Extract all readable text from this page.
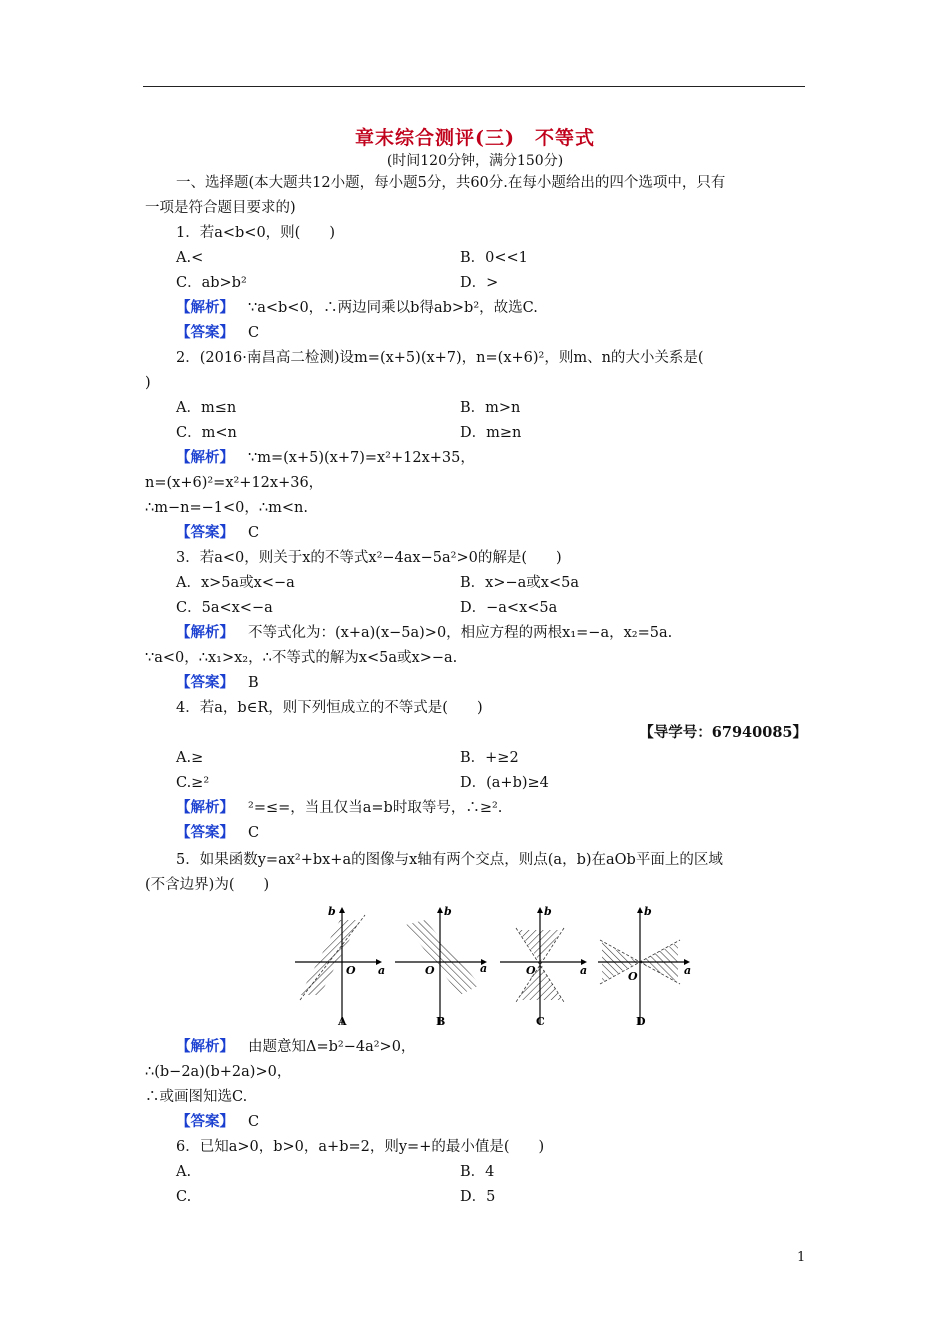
章末综合测评(三)　不等式
(时间120分钟，满分150分)
一、选择题(本大题共12小题，每小题5分，共60分.在每小题给出的四个选项中，只有
一项是符合题目要求的)
1．若a<b<0，则(　　)
A.<	B．0<<1
C．ab>b²	D．>
【解析】 ∵a<b<0，∴两边同乘以b得ab>b²，故选C.
【答案】 C
2．(2016·南昌高二检测)设m=(x+5)(x+7)，n=(x+6)²，则m、n的大小关系是(
)
A．m≤n	B．m>n
C．m<n	D．m≥n
【解析】 ∵m=(x+5)(x+7)=x²+12x+35，
n=(x+6)²=x²+12x+36，
∴m−n=−1<0，∴m<n.
【答案】 C
3．若a<0，则关于x的不等式x²−4ax−5a²>0的解是(　　)
A．x>5a或x<−a	B．x>−a或x<5a
C．5a<x<−a	D．−a<x<5a
【解析】 不等式化为：(x+a)(x−5a)>0，相应方程的两根x₁=−a，x₂=5a.
∵a<0，∴x₁>x₂，∴不等式的解为x<5a或x>−a.
【答案】 B
4．若a，b∈R，则下列恒成立的不等式是(　　)
【导学号：67940085】
A.≥	B．+≥2
C.≥²	D．(a+b)≥4
【解析】 ²=≤=，当且仅当a=b时取等号，∴≥².
【答案】 C
5．如果函数y=ax²+bx+a的图像与x轴有两个交点，则点(a，b)在aOb平面上的区域
(不含边界)为(　　)
O a
b
A
O	a
b
B
O	a
b
C
O	a
b
D
【解析】 由题意知Δ=b²−4a²>0，
∴(b−2a)(b+2a)>0，
∴或画图知选C.
【答案】 C
6．已知a>0，b>0，a+b=2，则y=+的最小值是(　　)
A.	B．4
C.	D．5
1
